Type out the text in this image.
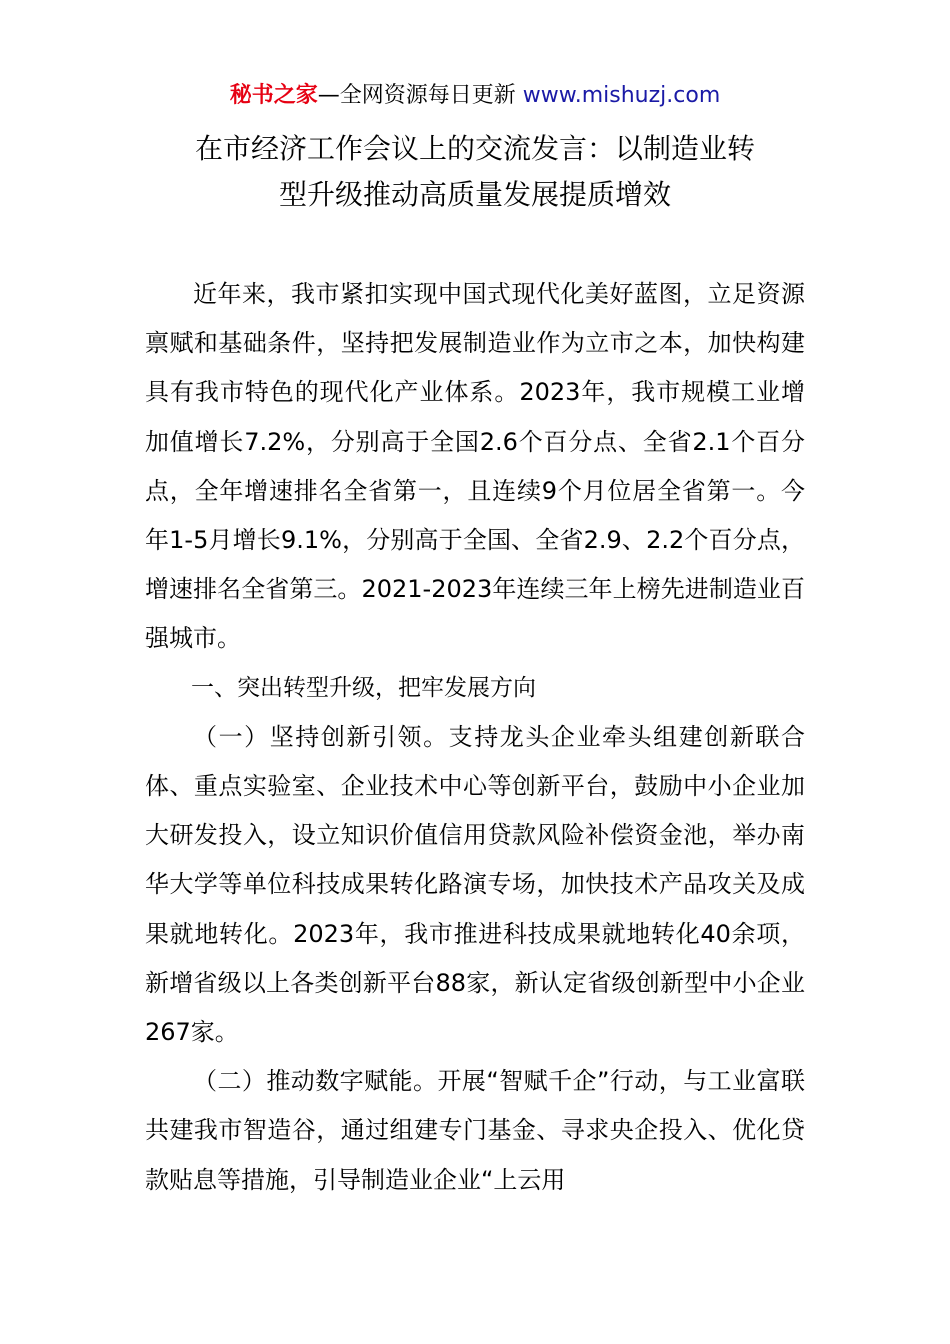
秘书之家—全网资源每日更新 www.mishuzj.com
在市经济工作会议上的交流发言：以制造业转
型升级推动高质量发展提质增效

近年来，我市紧扣实现中国式现代化美好蓝图，立足资源禀赋和基础条件，坚持把发展制造业作为立市之本，加快构建具有我市特色的现代化产业体系。2023年，我市规模工业增加值增长7.2%，分别高于全国2.6个百分点、全省2.1个百分点，全年增速排名全省第一，且连续9个月位居全省第一。今年1-5月增长9.1%，分别高于全国、全省2.9、2.2个百分点，增速排名全省第三。2021-2023年连续三年上榜先进制造业百强城市。

一、突出转型升级，把牢发展方向

（一）坚持创新引领。支持龙头企业牵头组建创新联合体、重点实验室、企业技术中心等创新平台，鼓励中小企业加大研发投入，设立知识价值信用贷款风险补偿资金池，举办南华大学等单位科技成果转化路演专场，加快技术产品攻关及成果就地转化。2023年，我市推进科技成果就地转化40余项，新增省级以上各类创新平台88家，新认定省级创新型中小企业267家。

（二）推动数字赋能。开展“智赋千企”行动，与工业富联共建我市智造谷，通过组建专门基金、寻求央企投入、优化贷款贴息等措施，引导制造业企业“上云用
